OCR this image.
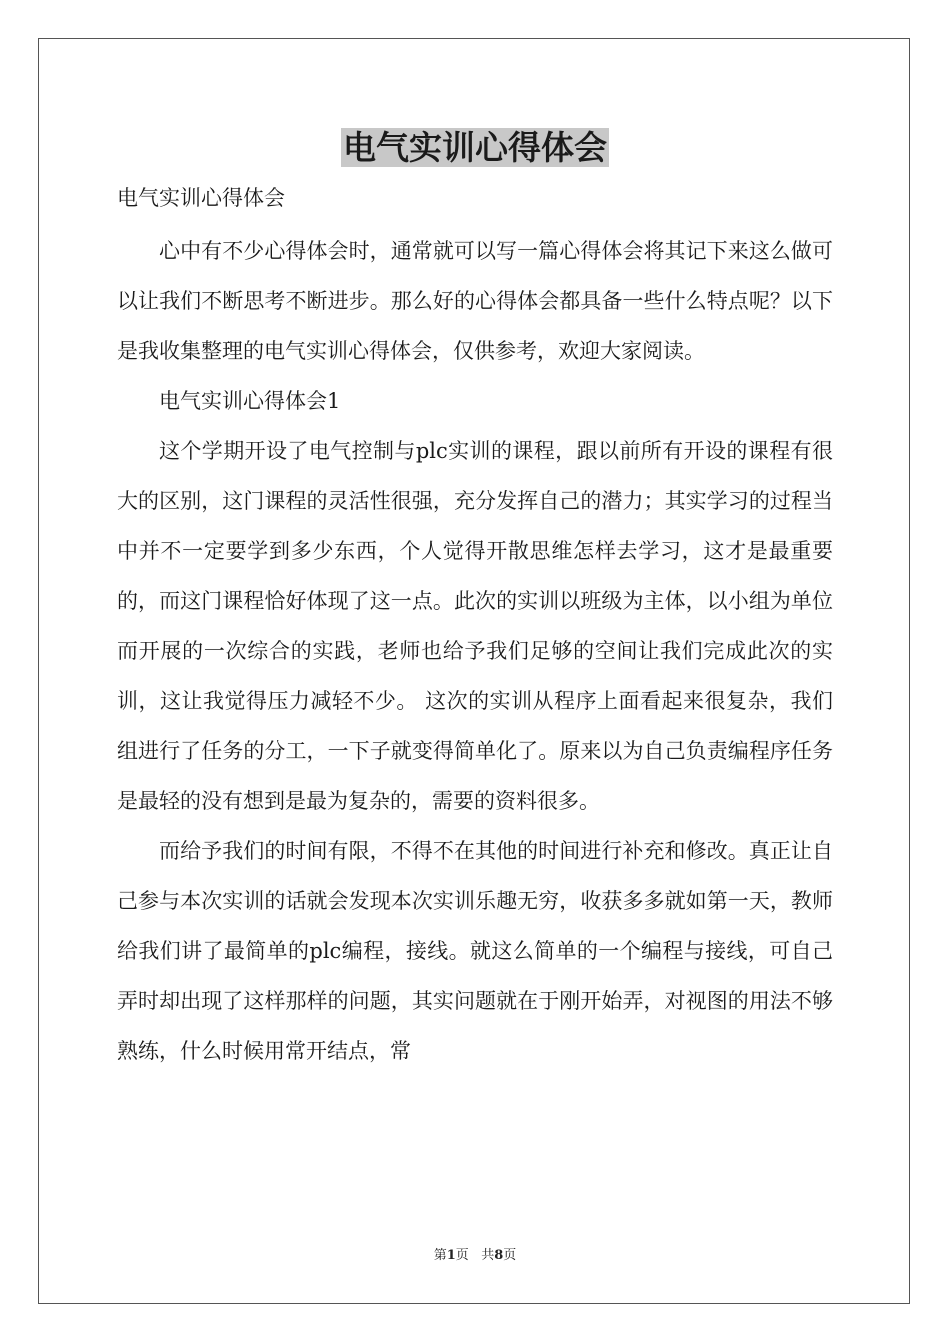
电气实训心得体会
电气实训心得体会

心中有不少心得体会时，通常就可以写一篇心得体会将其记下来这么做可以让我们不断思考不断进步。那么好的心得体会都具备一些什么特点呢？以下是我收集整理的电气实训心得体会，仅供参考，欢迎大家阅读。

电气实训心得体会1

这个学期开设了电气控制与plc实训的课程，跟以前所有开设的课程有很大的区别，这门课程的灵活性很强，充分发挥自己的潜力；其实学习的过程当中并不一定要学到多少东西，个人觉得开散思维怎样去学习，这才是最重要的，而这门课程恰好体现了这一点。此次的实训以班级为主体，以小组为单位而开展的一次综合的实践，老师也给予我们足够的空间让我们完成此次的实训，这让我觉得压力减轻不少。 这次的实训从程序上面看起来很复杂，我们组进行了任务的分工，一下子就变得简单化了。原来以为自己负责编程序任务是最轻的没有想到是最为复杂的，需要的资料很多。

而给予我们的时间有限，不得不在其他的时间进行补充和修改。真正让自己参与本次实训的话就会发现本次实训乐趣无穷，收获多多就如第一天，教师给我们讲了最简单的plc编程，接线。就这么简单的一个编程与接线，可自己弄时却出现了这样那样的问题，其实问题就在于刚开始弄，对视图的用法不够熟练，什么时候用常开结点，常

第1页 共8页
